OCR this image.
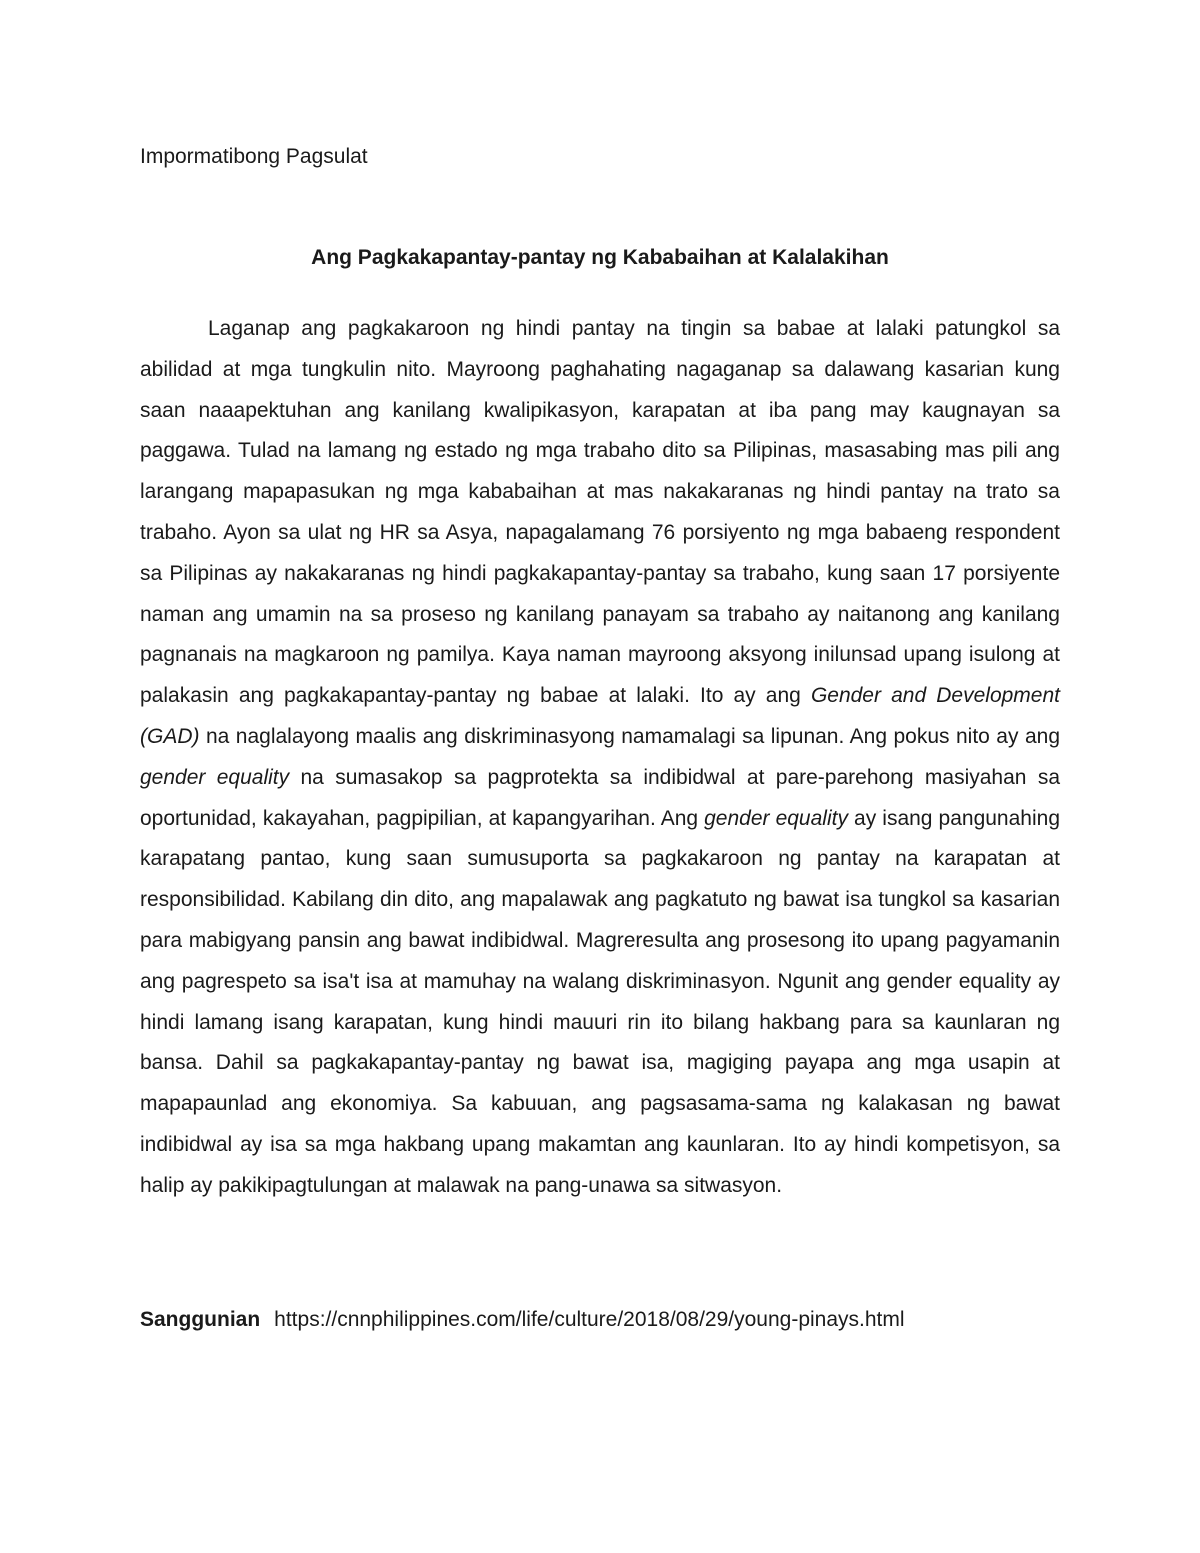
Impormatibong Pagsulat

Ang Pagkakapantay-pantay ng Kababaihan at Kalalakihan

Laganap ang pagkakaroon ng hindi pantay na tingin sa babae at lalaki patungkol sa abilidad at mga tungkulin nito. Mayroong paghahating nagaganap sa dalawang kasarian kung saan naaapektuhan ang kanilang kwalipikasyon, karapatan at iba pang may kaugnayan sa paggawa. Tulad na lamang ng estado ng mga trabaho dito sa Pilipinas, masasabing mas pili ang larangang mapapasukan ng mga kababaihan at mas nakakaranas ng hindi pantay na trato sa trabaho. Ayon sa ulat ng HR sa Asya, napagalamang 76 porsiyento ng mga babaeng respondent sa Pilipinas ay nakakaranas ng hindi pagkakapantay-pantay sa trabaho, kung saan 17 porsiyente naman ang umamin na sa proseso ng kanilang panayam sa trabaho ay naitanong ang kanilang pagnanais na magkaroon ng pamilya. Kaya naman mayroong aksyong inilunsad upang isulong at palakasin ang pagkakapantay-pantay ng babae at lalaki. Ito ay ang Gender and Development (GAD) na naglalayong maalis ang diskriminasyong namamalagi sa lipunan. Ang pokus nito ay ang gender equality na sumasakop sa pagprotekta sa indibidwal at pare-parehong masiyahan sa oportunidad, kakayahan, pagpipilian, at kapangyarihan. Ang gender equality ay isang pangunahing karapatang pantao, kung saan sumusuporta sa pagkakaroon ng pantay na karapatan at responsibilidad. Kabilang din dito, ang mapalawak ang pagkatuto ng bawat isa tungkol sa kasarian para mabigyang pansin ang bawat indibidwal. Magreresulta ang prosesong ito upang pagyamanin ang pagrespeto sa isa't isa at mamuhay na walang diskriminasyon. Ngunit ang gender equality ay hindi lamang isang karapatan, kung hindi mauuri rin ito bilang hakbang para sa kaunlaran ng bansa. Dahil sa pagkakapantay-pantay ng bawat isa, magiging payapa ang mga usapin at mapapaunlad ang ekonomiya. Sa kabuuan, ang pagsasama-sama ng kalakasan ng bawat indibidwal ay isa sa mga hakbang upang makamtan ang kaunlaran. Ito ay hindi kompetisyon, sa halip ay pakikipagtulungan at malawak na pang-unawa sa sitwasyon.

Sanggunian https://cnnphilippines.com/life/culture/2018/08/29/young-pinays.html
